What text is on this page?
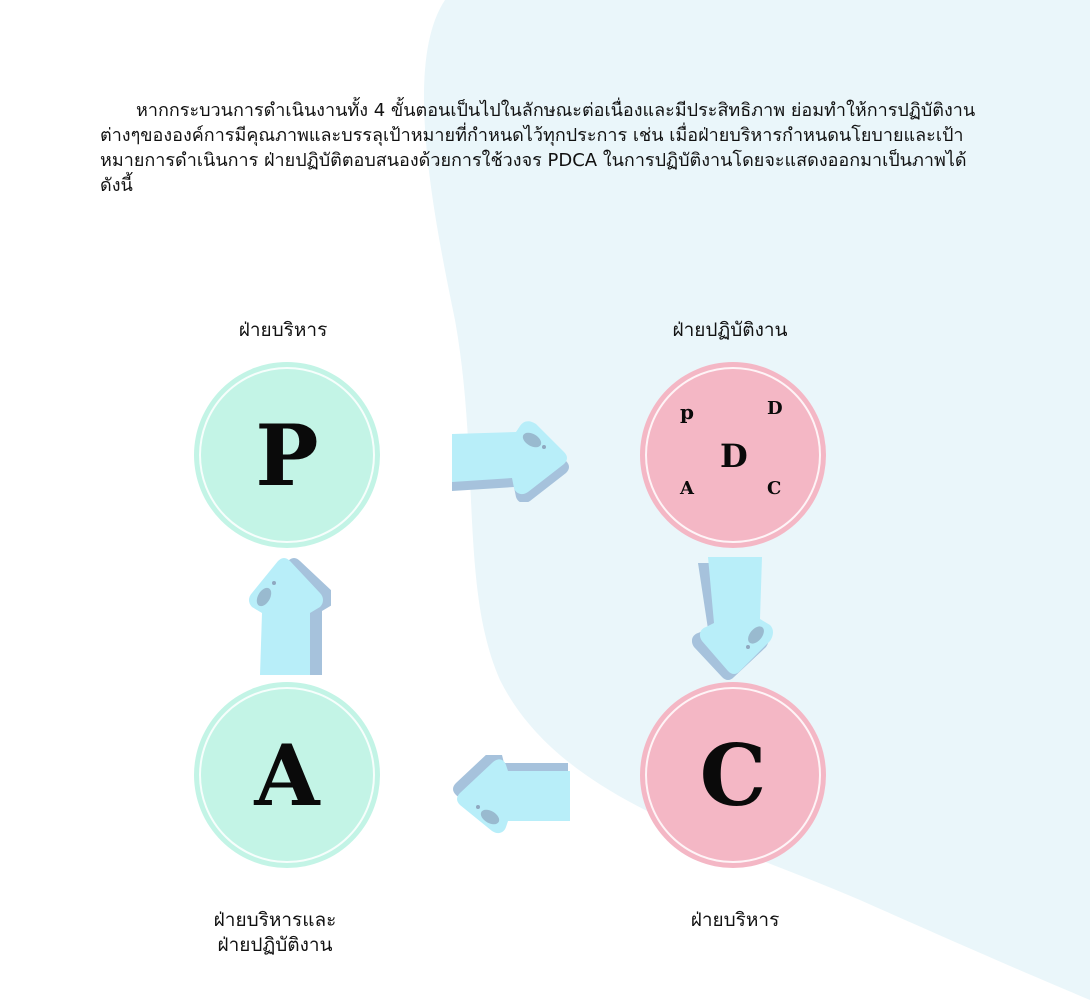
หากกระบวนการดำเนินงานทั้ง 4 ขั้นตอนเป็นไปในลักษณะต่อเนื่องและมีประสิทธิภาพ ย่อมทำให้การปฏิบัติงานต่างๆขององค์การมีคุณภาพและบรรลุเป้าหมายที่กำหนดไว้ทุกประการ เช่น เมื่อฝ่ายบริหารกำหนดนโยบายและเป้าหมายการดำเนินการ ฝ่ายปฏิบัติตอบสนองด้วยการใช้วงจร PDCA ในการปฏิบัติงานโดยจะแสดงออกมาเป็นภาพได้ดังนี้

ฝ่ายบริหาร	ฝ่ายปฏิบัติงาน
ฝ่ายบริหาร
ฝ่ายบริหารและ
ฝ่ายปฏิบัติงาน
P	p	D
D
A	C
C
A
